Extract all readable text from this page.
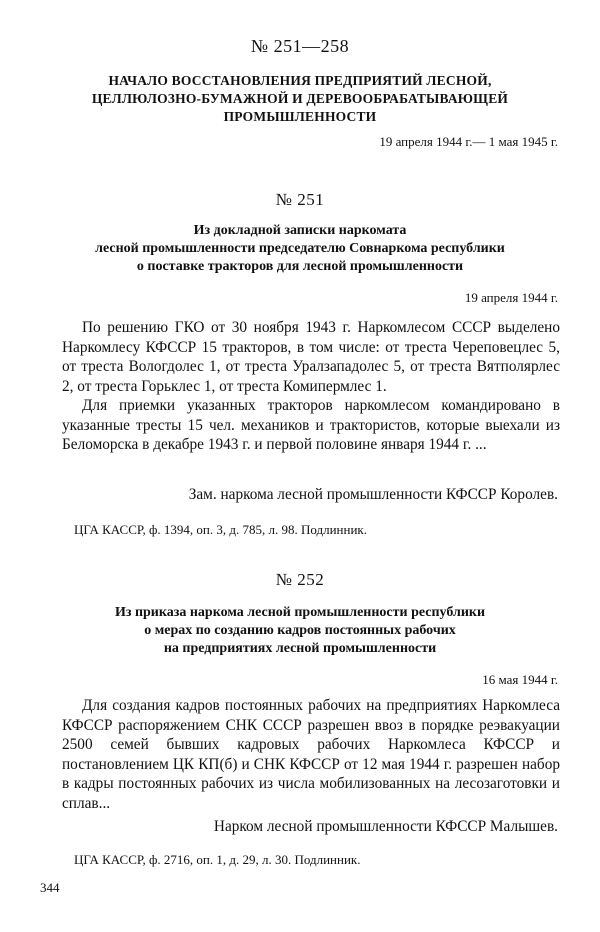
№ 251—258
НАЧАЛО ВОССТАНОВЛЕНИЯ ПРЕДПРИЯТИЙ ЛЕСНОЙ,
ЦЕЛЛЮЛОЗНО-БУМАЖНОЙ И ДЕРЕВООБРАБАТЫВАЮЩЕЙ
ПРОМЫШЛЕННОСТИ
19 апреля 1944 г.— 1 мая 1945 г.
№ 251
Из докладной записки наркомата
лесной промышленности председателю Совнаркома республики
о поставке тракторов для лесной промышленности
19 апреля 1944 г.

По решению ГКО от 30 ноября 1943 г. Наркомлесом СССР выделено Наркомлесу КФССР 15 тракторов, в том числе: от треста Череповецлес 5, от треста Вологдолес 1, от треста Уралзападолес 5, от треста Вятполярлес 2, от треста Горьклес 1, от треста Комипермлес 1.

Для приемки указанных тракторов наркомлесом командировано в указанные тресты 15 чел. механиков и трактористов, которые выехали из Беломорска в декабре 1943 г. и первой половине января 1944 г. ...

Зам. наркома лесной промышленности КФССР Королев.
ЦГА КАССР, ф. 1394, оп. 3, д. 785, л. 98. Подлинник.
№ 252
Из приказа наркома лесной промышленности республики
о мерах по созданию кадров постоянных рабочих
на предприятиях лесной промышленности
16 мая 1944 г.

Для создания кадров постоянных рабочих на предприятиях Наркомлеса КФССР распоряжением СНК СССР разрешен ввоз в порядке реэвакуации 2500 семей бывших кадровых рабочих Наркомлеса КФССР и постановлением ЦК КП(б) и СНК КФССР от 12 мая 1944 г. разрешен набор в кадры постоянных рабочих из числа мобилизованных на лесозаготовки и сплав...

Нарком лесной промышленности КФССР Малышев.
ЦГА КАССР, ф. 2716, оп. 1, д. 29, л. 30. Подлинник.
344
